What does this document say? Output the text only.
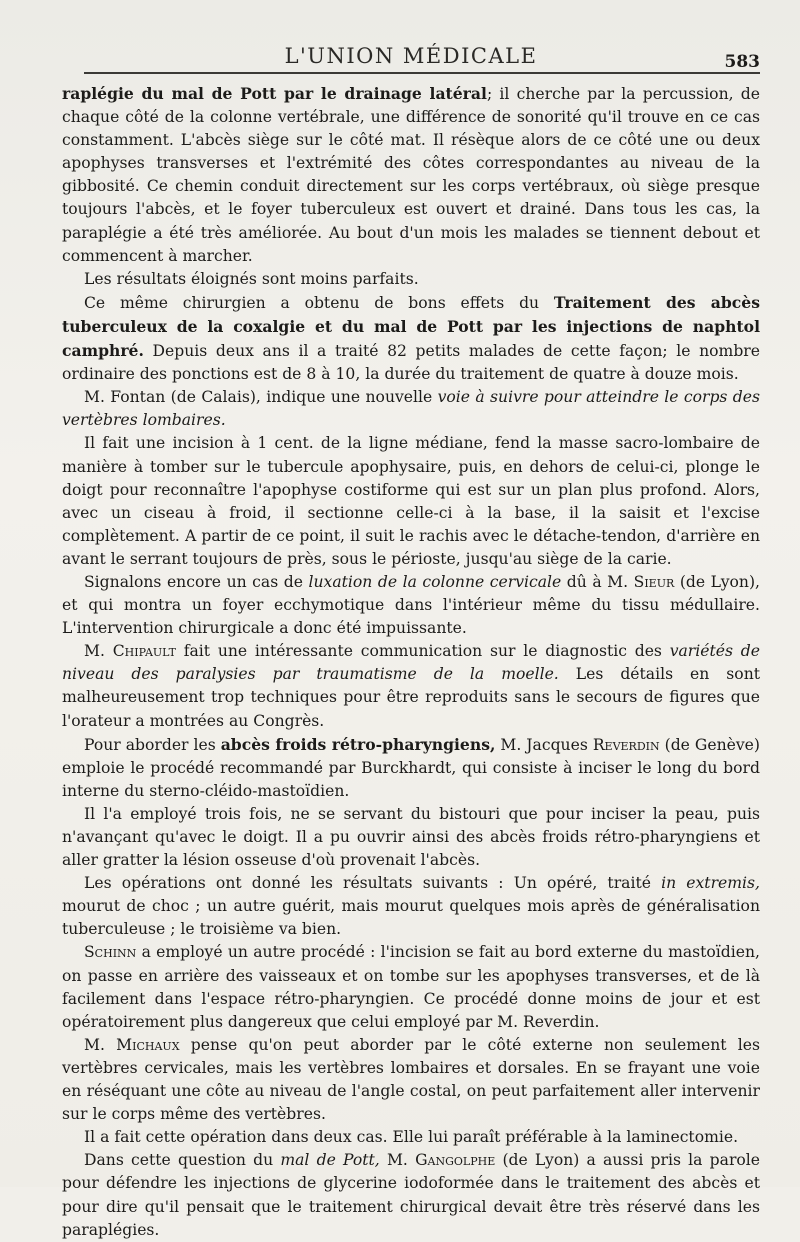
L'UNION MÉDICALE	583

raplégie du mal de Pott par le drainage latéral; il cherche par la percussion, de chaque côté de la colonne vertébrale, une différence de sonorité qu'il trouve en ce cas constamment. L'abcès siège sur le côté mat. Il résèque alors de ce côté une ou deux apophyses transverses et l'extrémité des côtes correspondantes au niveau de la gibbosité. Ce chemin conduit directement sur les corps vertébraux, où siège presque toujours l'abcès, et le foyer tuberculeux est ouvert et drainé. Dans tous les cas, la paraplégie a été très améliorée. Au bout d'un mois les malades se tiennent debout et commencent à marcher.

Les résultats éloignés sont moins parfaits.

Ce même chirurgien a obtenu de bons effets du Traitement des abcès tuberculeux de la coxalgie et du mal de Pott par les injections de naphtol camphré. Depuis deux ans il a traité 82 petits malades de cette façon; le nombre ordinaire des ponctions est de 8 à 10, la durée du traitement de quatre à douze mois.

M. Fontan (de Calais), indique une nouvelle voie à suivre pour atteindre le corps des vertèbres lombaires.

Il fait une incision à 1 cent. de la ligne médiane, fend la masse sacro-lombaire de manière à tomber sur le tubercule apophysaire, puis, en dehors de celui-ci, plonge le doigt pour reconnaître l'apophyse costiforme qui est sur un plan plus profond. Alors, avec un ciseau à froid, il sectionne celle-ci à la base, il la saisit et l'excise complètement. A partir de ce point, il suit le rachis avec le détache-tendon, d'arrière en avant le serrant toujours de près, sous le périoste, jusqu'au siège de la carie.

Signalons encore un cas de luxation de la colonne cervicale dû à M. Sieur (de Lyon), et qui montra un foyer ecchymotique dans l'intérieur même du tissu médullaire. L'intervention chirurgicale a donc été impuissante.

M. Chipault fait une intéressante communication sur le diagnostic des variétés de niveau des paralysies par traumatisme de la moelle. Les détails en sont malheureusement trop techniques pour être reproduits sans le secours de figures que l'orateur a montrées au Congrès.

Pour aborder les abcès froids rétro-pharyngiens, M. Jacques Reverdin (de Genève) emploie le procédé recommandé par Burckhardt, qui consiste à inciser le long du bord interne du sterno-cléido-mastoïdien.

Il l'a employé trois fois, ne se servant du bistouri que pour inciser la peau, puis n'avançant qu'avec le doigt. Il a pu ouvrir ainsi des abcès froids rétro-pharyngiens et aller gratter la lésion osseuse d'où provenait l'abcès.

Les opérations ont donné les résultats suivants : Un opéré, traité in extremis, mourut de choc ; un autre guérit, mais mourut quelques mois après de généralisation tuberculeuse ; le troisième va bien.

Schinn a employé un autre procédé : l'incision se fait au bord externe du mastoïdien, on passe en arrière des vaisseaux et on tombe sur les apophyses transverses, et de là facilement dans l'espace rétro-pharyngien. Ce procédé donne moins de jour et est opératoirement plus dangereux que celui employé par M. Reverdin.

M. Michaux pense qu'on peut aborder par le côté externe non seulement les vertèbres cervicales, mais les vertèbres lombaires et dorsales. En se frayant une voie en réséquant une côte au niveau de l'angle costal, on peut parfaitement aller intervenir sur le corps même des vertèbres.

Il a fait cette opération dans deux cas. Elle lui paraît préférable à la laminectomie.

Dans cette question du mal de Pott, M. Gangolphe (de Lyon) a aussi pris la parole pour défendre les injections de glycerine iodoformée dans le traitement des abcès et pour dire qu'il pensait que le traitement chirurgical devait être très réservé dans les paraplégies.
